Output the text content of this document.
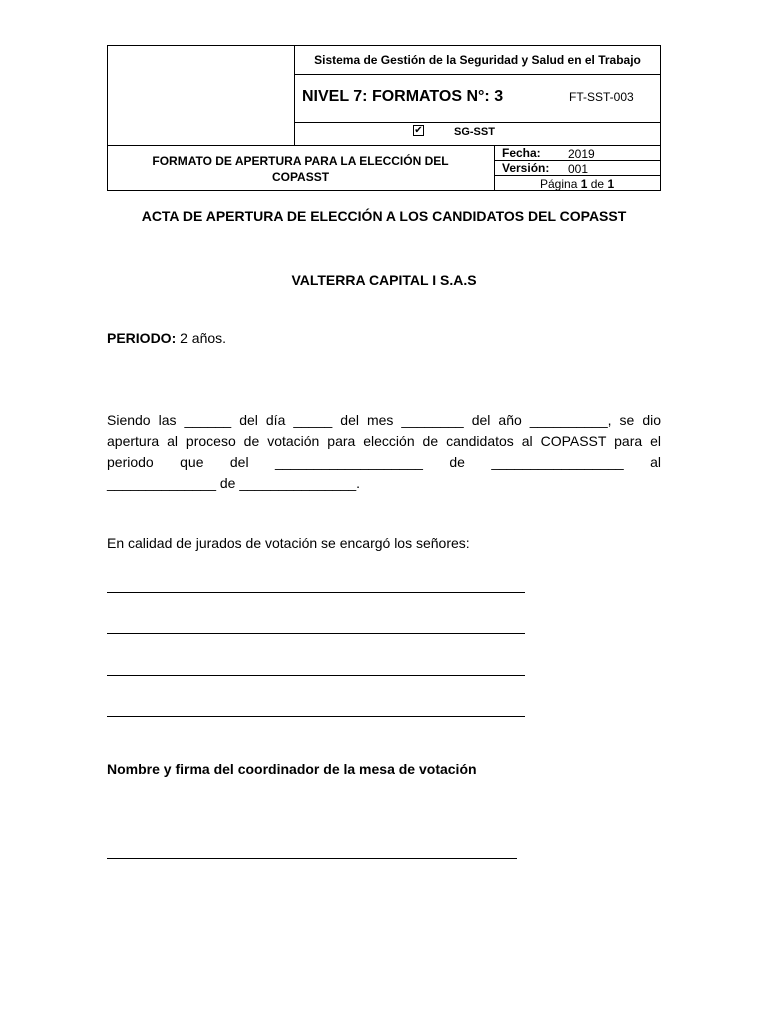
Sistema de Gestión de la Seguridad y Salud en el Trabajo
NIVEL 7: FORMATOS N°: 3	FT-SST-003
✔	SG-SST
FORMATO DE APERTURA PARA LA ELECCIÓN DEL COPASST
Fecha: 2019
Versión: 001
Página
1
de
1
ACTA DE APERTURA DE ELECCIÓN A LOS CANDIDATOS DEL COPASST
VALTERRA CAPITAL I S.A.S
PERIODO: 2 años.
Siendo las ______ del día _____ del mes ________ del año __________, se dio apertura al proceso de votación para elección de candidatos al COPASST para el periodo que del ___________________ de _________________ al
______________ de _______________.
En calidad de jurados de votación se encargó los señores:
Nombre y firma del coordinador de la mesa de votación
